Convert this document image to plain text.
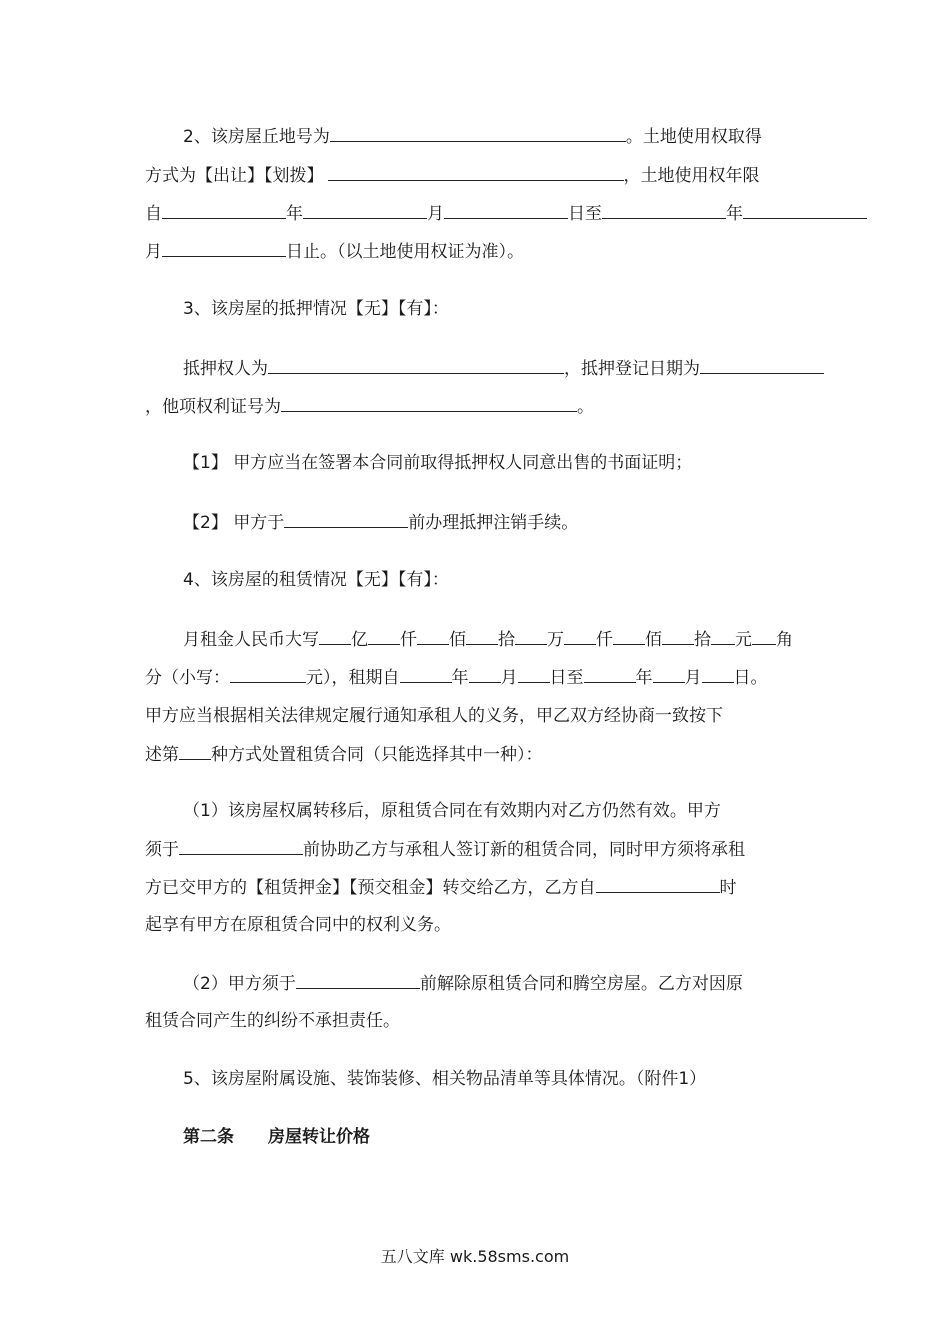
2、该房屋丘地号为	。土地使用权取得
方式为【出让】【划拨】	，土地使用权年限
自	年	月	日至	年
月	日止。（以土地使用权证为准）。
3、该房屋的抵押情况【无】【有】：
抵押权人为	，抵押登记日期为
，他项权利证号为	。
【1】 甲方应当在签署本合同前取得抵押权人同意出售的书面证明；
【2】 甲方于	前办理抵押注销手续。
4、该房屋的租赁情况【无】【有】：
月租金人民币大写 亿 仟 佰 拾 万 仟 佰 拾 元 角
分（小写：	元），租期自	年 月 日至	年 月 日。
甲方应当根据相关法律规定履行通知承租人的义务，甲乙双方经协商一致按下
述第 种方式处置租赁合同（只能选择其中一种）：
（1）该房屋权属转移后，原租赁合同在有效期内对乙方仍然有效。甲方
须于	前协助乙方与承租人签订新的租赁合同，同时甲方须将承租
方已交甲方的【租赁押金】【预交租金】转交给乙方，乙方自	时
起享有甲方在原租赁合同中的权利义务。
（2）甲方须于	前解除原租赁合同和腾空房屋。乙方对因原
租赁合同产生的纠纷不承担责任。
5、该房屋附属设施、装饰装修、相关物品清单等具体情况。（附件1）
第二条 房屋转让价格
五八文库 wk.58sms.com
